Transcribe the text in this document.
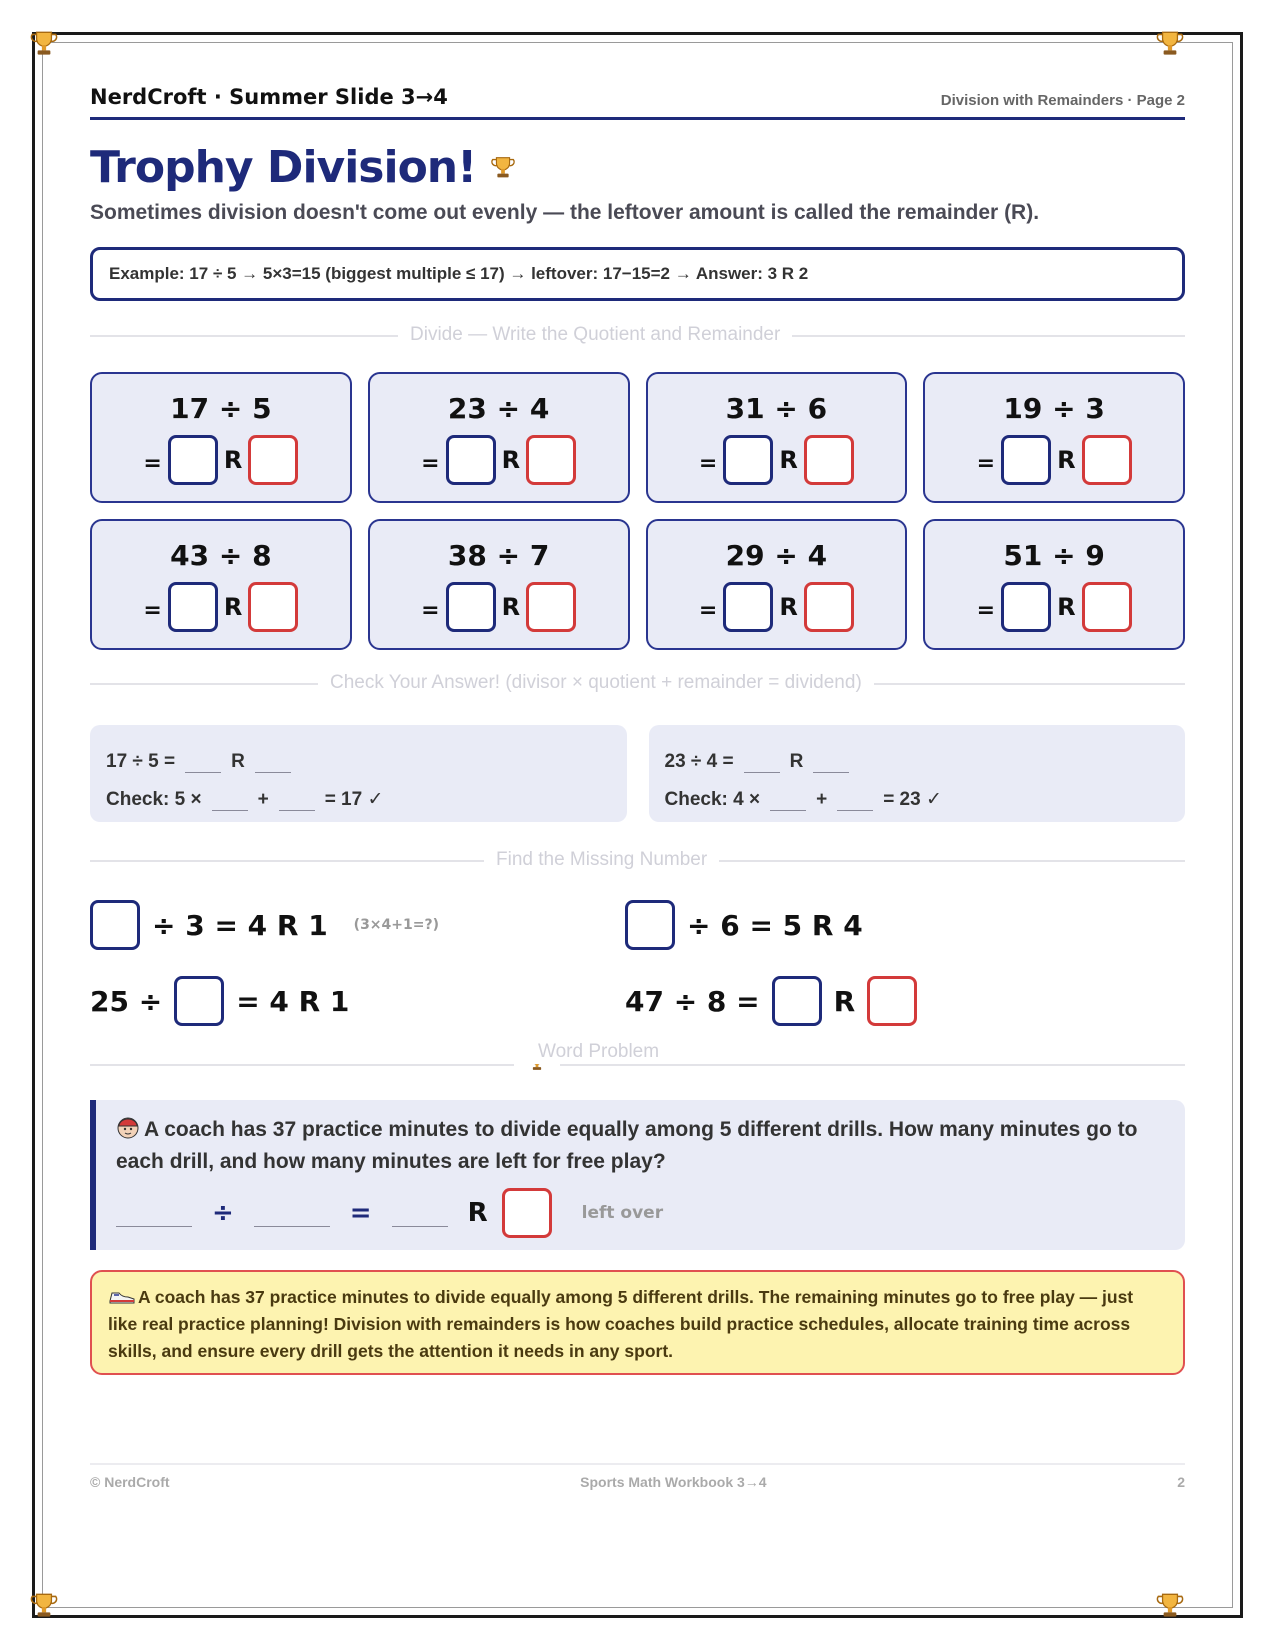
NerdCroft · Summer Slide 3→4	Division with Remainders · Page 2
Trophy Division!
Sometimes division doesn't come out evenly — the leftover amount is called the remainder (R).
Example: 17 ÷ 5 → 5×3=15 (biggest multiple ≤ 17) → leftover: 17−15=2 → Answer: 3 R 2
Divide — Write the Quotient and Remainder
17 ÷ 5
=	R
23 ÷ 4
=	R
31 ÷ 6
=	R
19 ÷ 3
=	R
43 ÷ 8
=	R
38 ÷ 7
=	R
29 ÷ 4
=	R
51 ÷ 9
=	R
Check Your Answer! (divisor × quotient + remainder = dividend)
17 ÷ 5 =	R
Check: 5 ×	+	= 17 ✓
23 ÷ 4 =	R
Check: 4 ×	+	= 23 ✓
Find the Missing Number
÷ 3 = 4 R 1 (3×4+1=?)	÷ 6 = 5 R 4
25 ÷	= 4 R 1	47 ÷ 8 =	R
Word Problem
A coach has 37 practice minutes to divide equally among 5 different drills. How many minutes go to each drill, and how many minutes are left for free play?
÷	=	R	left over
A coach has 37 practice minutes to divide equally among 5 different drills. The remaining minutes go to free play — just like real practice planning! Division with remainders is how coaches build practice schedules, allocate training time across skills, and ensure every drill gets the attention it needs in any sport.
© NerdCroft	Sports Math Workbook 3→4	2
